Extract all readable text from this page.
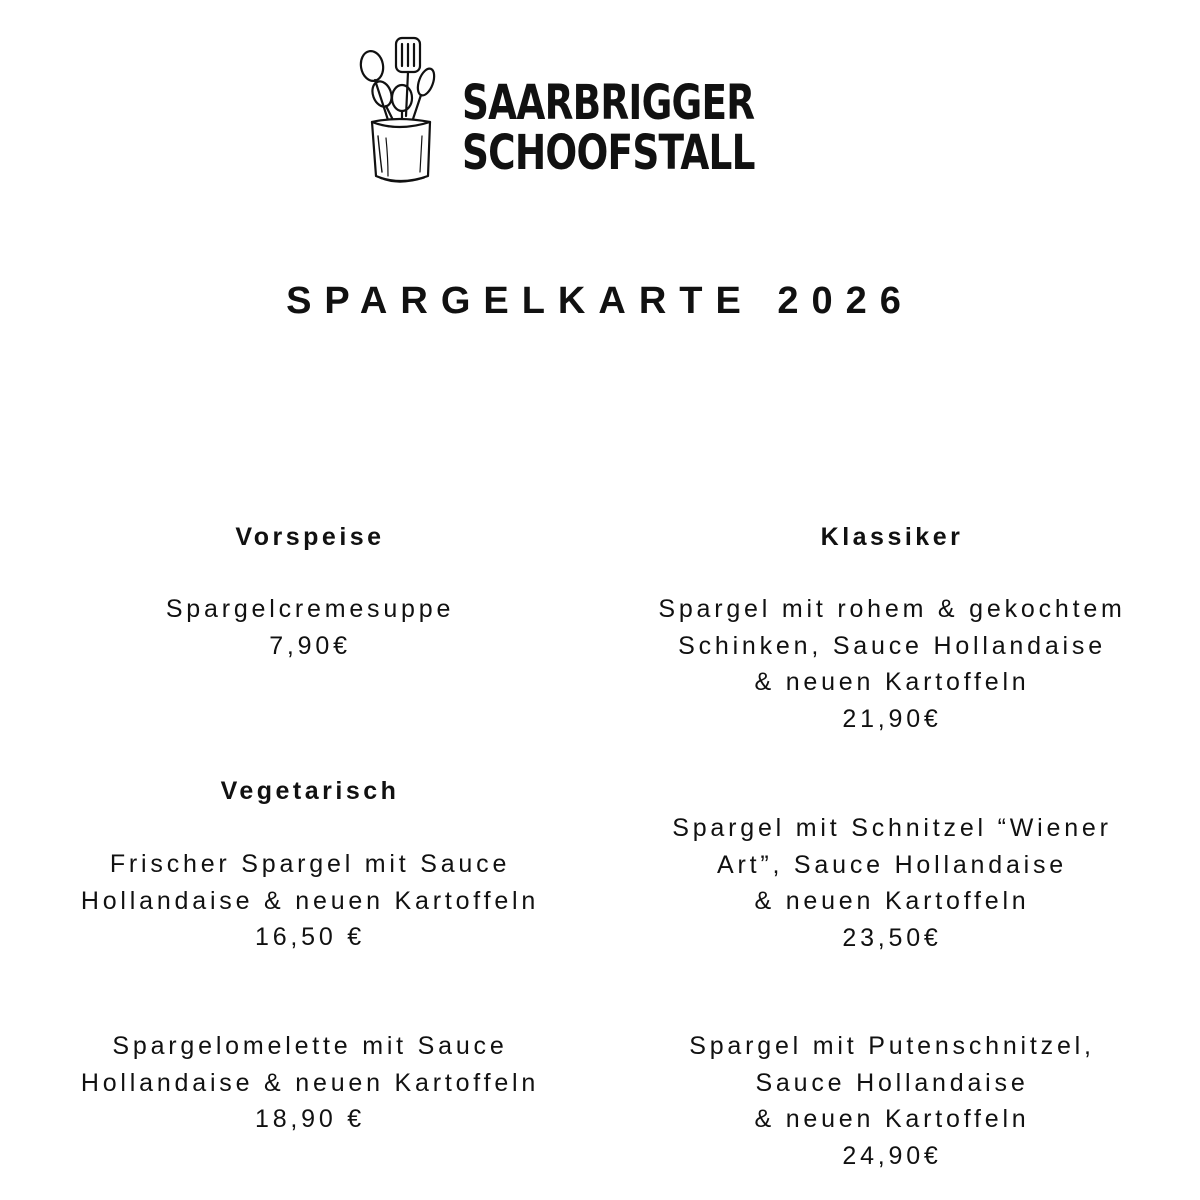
SAARBRIGGER
SCHOOFSTALL
SPARGELKARTE 2026
Vorspeise
Spargelcremesuppe
7,90€
Vegetarisch
Frischer Spargel mit Sauce
Hollandaise & neuen Kartoffeln
16,50 €
Spargelomelette mit Sauce
Hollandaise & neuen Kartoffeln
18,90 €
Klassiker
Spargel mit rohem & gekochtem
Schinken, Sauce Hollandaise
& neuen Kartoffeln
21,90€
Spargel mit Schnitzel “Wiener
Art”, Sauce Hollandaise
& neuen Kartoffeln
23,50€
Spargel mit Putenschnitzel,
Sauce Hollandaise
& neuen Kartoffeln
24,90€
